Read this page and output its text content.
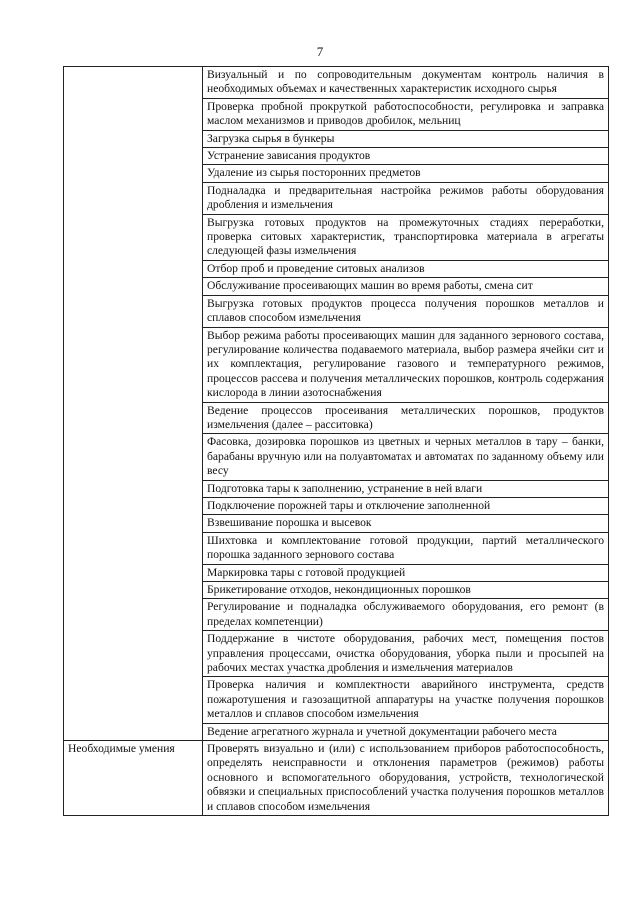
7
	Визуальный и по сопроводительным документам контроль наличия в необходимых объемах и качественных характеристик исходного сырья
	Проверка пробной прокруткой работоспособности, регулировка и заправка маслом механизмов и приводов дробилок, мельниц
	Загрузка сырья в бункеры
	Устранение зависания продуктов
	Удаление из сырья посторонних предметов
	Подналадка и предварительная настройка режимов работы оборудования дробления и измельчения
	Выгрузка готовых продуктов на промежуточных стадиях переработки, проверка ситовых характеристик, транспортировка материала в агрегаты следующей фазы измельчения
	Отбор проб и проведение ситовых анализов
	Обслуживание просеивающих машин во время работы, смена сит
	Выгрузка готовых продуктов процесса получения порошков металлов и сплавов способом измельчения
	Выбор режима работы просеивающих машин для заданного зернового состава, регулирование количества подаваемого материала, выбор размера ячейки сит и их комплектация, регулирование газового и температурного режимов, процессов рассева и получения металлических порошков, контроль содержания кислорода в линии азотоснабжения
	Ведение процессов просеивания металлических порошков, продуктов измельчения (далее – расситовка)
	Фасовка, дозировка порошков из цветных и черных металлов в тару – банки, барабаны вручную или на полуавтоматах и автоматах по заданному объему или весу
	Подготовка тары к заполнению, устранение в ней влаги
	Подключение порожней тары и отключение заполненной
	Взвешивание порошка и высевок
	Шихтовка и комплектование готовой продукции, партий металлического порошка заданного зернового состава
	Маркировка тары с готовой продукцией
	Брикетирование отходов, некондиционных порошков
	Регулирование и подналадка обслуживаемого оборудования, его ремонт (в пределах компетенции)
	Поддержание в чистоте оборудования, рабочих мест, помещения постов управления процессами, очистка оборудования, уборка пыли и просыпей на рабочих местах участка дробления и измельчения материалов
	Проверка наличия и комплектности аварийного инструмента, средств пожаротушения и газозащитной аппаратуры на участке получения порошков металлов и сплавов способом измельчения
	Ведение агрегатного журнала и учетной документации рабочего места
Необходимые умения	Проверять визуально и (или) с использованием приборов работоспособность, определять неисправности и отклонения параметров (режимов) работы основного и вспомогательного оборудования, устройств, технологической обвязки и специальных приспособлений участка получения порошков металлов и сплавов способом измельчения
